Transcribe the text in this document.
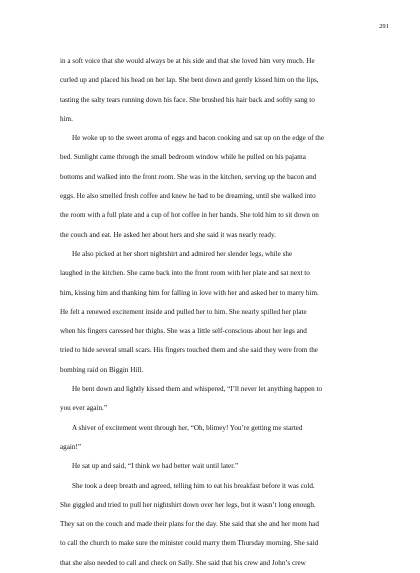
291
in a soft voice that she would always be at his side and that she loved him very much. He
curled up and placed his head on her lap. She bent down and gently kissed him on the lips,
tasting the salty tears running down his face. She brushed his hair back and softly sang to
him.
He woke up to the sweet aroma of eggs and bacon cooking and sat up on the edge of the
bed. Sunlight came through the small bedroom window while he pulled on his pajama
bottoms and walked into the front room. She was in the kitchen, serving up the bacon and
eggs. He also smelled fresh coffee and knew he had to be dreaming, until she walked into
the room with a full plate and a cup of hot coffee in her hands. She told him to sit down on
the couch and eat. He asked her about hers and she said it was nearly ready.
He also picked at her short nightshirt and admired her slender legs, while she
laughed in the kitchen. She came back into the front room with her plate and sat next to
him, kissing him and thanking him for falling in love with her and asked her to marry him.
He felt a renewed excitement inside and pulled her to him. She nearly spilled her plate
when his fingers caressed her thighs. She was a little self-conscious about her legs and
tried to hide several small scars. His fingers touched them and she said they were from the
bombing raid on Biggin Hill.
He bent down and lightly kissed them and whispered, “I’ll never let anything happen to
you ever again.”
A shiver of excitement went through her, “Oh, blimey! You’re getting me started
again!”
He sat up and said, “I think we had better wait until later.”
She took a deep breath and agreed, telling him to eat his breakfast before it was cold.
She giggled and tried to pull her nightshirt down over her legs, but it wasn’t long enough.
They sat on the couch and made their plans for the day. She said that she and her mom had
to call the church to make sure the minister could marry them Thursday morning. She said
that she also needed to call and check on Sally. She said that his crew and John’s crew
